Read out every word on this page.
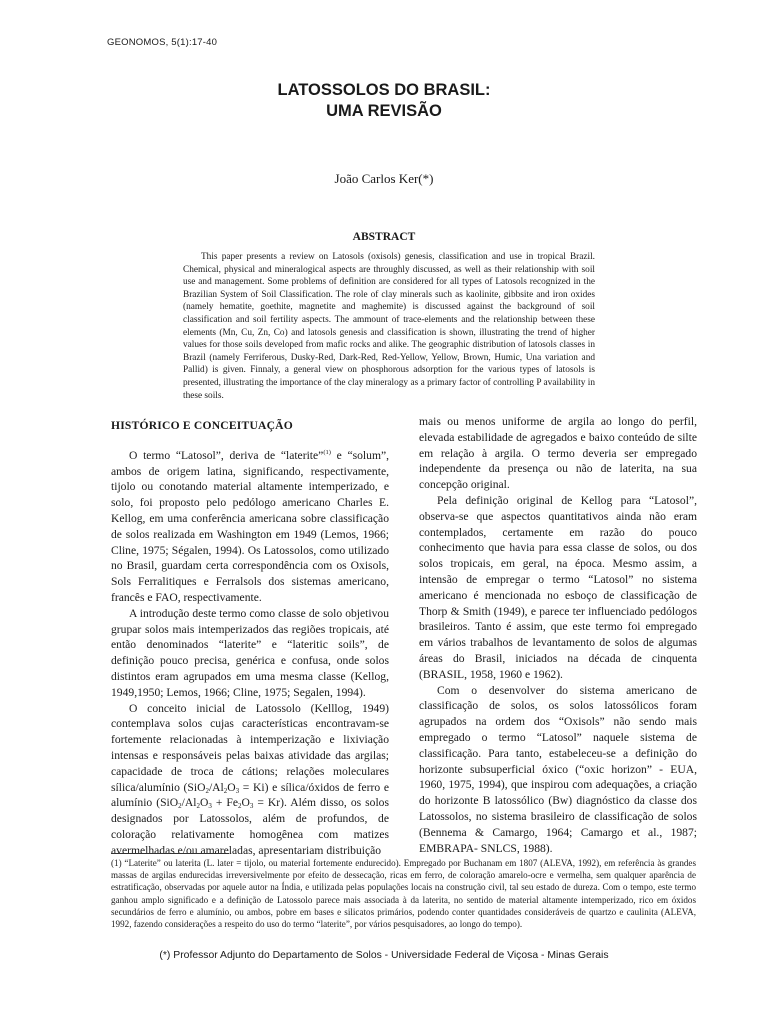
GEONOMOS, 5(1):17-40
LATOSSOLOS DO BRASIL:
UMA REVISÃO
João Carlos Ker(*)
ABSTRACT

This paper presents a review on Latosols (oxisols) genesis, classification and use in tropical Brazil. Chemical, physical and mineralogical aspects are throughly discussed, as well as their relationship with soil use and management. Some problems of definition are considered for all types of Latosols recognized in the Brazilian System of Soil Classification. The role of clay minerals such as kaolinite, gibbsite and iron oxides (namely hematite, goethite, magnetite and maghemite) is discussed against the background of soil classification and soil fertility aspects. The ammount of trace-elements and the relationship between these elements (Mn, Cu, Zn, Co) and latosols genesis and classification is shown, illustrating the trend of higher values for those soils developed from mafic rocks and alike. The geographic distribution of latosols classes in Brazil (namely Ferriferous, Dusky-Red, Dark-Red, Red-Yellow, Yellow, Brown, Humic, Una variation and Pallid) is given. Finnaly, a general view on phosphorous adsorption for the various types of latosols is presented, illustrating the importance of the clay mineralogy as a primary factor of controlling P availability in these soils.

HISTÓRICO E CONCEITUAÇÃO

O termo “Latosol”, deriva de “laterite”$^{(1)}$ e “solum”, ambos de origem latina, significando, respectivamente, tijolo ou conotando material altamente intemperizado, e solo, foi proposto pelo pedólogo americano Charles E. Kellog, em uma conferência americana sobre classificação de solos realizada em Washington em 1949 (Lemos, 1966; Cline, 1975; Ségalen, 1994). Os Latossolos, como utilizado no Brasil, guardam certa correspondência com os Oxisols, Sols Ferralitiques e Ferralsols dos sistemas americano, francês e FAO, respectivamente.

A introdução deste termo como classe de solo objetivou grupar solos mais intemperizados das regiões tropicais, até então denominados “laterite” e “lateritic soils”, de definição pouco precisa, genérica e confusa, onde solos distintos eram agrupados em uma mesma classe (Kellog, 1949,1950; Lemos, 1966; Cline, 1975; Segalen, 1994).

O conceito inicial de Latossolo (Kelllog, 1949) contemplava solos cujas características encontravam-se fortemente relacionadas à intemperização e lixiviação intensas e responsáveis pelas baixas atividade das argilas; capacidade de troca de cátions; relações moleculares sílica/alumínio $(SiO_2/Al_2O_3 = Ki)$ e sílica/óxidos de ferro e alumínio $(SiO_2/Al_2O_3 + Fe_2O_3 = Kr)$. Além disso, os solos designados por Latossolos, além de profundos, de coloração relativamente homogênea com matizes avermelhadas e/ou amareladas, apresentariam distribuição

mais ou menos uniforme de argila ao longo do perfil, elevada estabilidade de agregados e baixo conteúdo de silte em relação à argila. O termo deveria ser empregado independente da presença ou não de laterita, na sua concepção original.

Pela definição original de Kellog para “Latosol”, observa-se que aspectos quantitativos ainda não eram contemplados, certamente em razão do pouco conhecimento que havia para essa classe de solos, ou dos solos tropicais, em geral, na época. Mesmo assim, a intensão de empregar o termo “Latosol” no sistema americano é mencionada no esboço de classificação de Thorp & Smith (1949), e parece ter influenciado pedólogos brasileiros. Tanto é assim, que este termo foi empregado em vários trabalhos de levantamento de solos de algumas áreas do Brasil, iniciados na década de cinquenta (BRASIL, 1958, 1960 e 1962).

Com o desenvolver do sistema americano de classificação de solos, os solos latossólicos foram agrupados na ordem dos “Oxisols” não sendo mais empregado o termo “Latosol” naquele sistema de classificação. Para tanto, estabeleceu-se a definição do horizonte subsuperficial óxico (“oxic horizon” - EUA, 1960, 1975, 1994), que inspirou com adequações, a criação do horizonte B latossólico (Bw) diagnóstico da classe dos Latossolos, no sistema brasileiro de classificação de solos (Bennema & Camargo, 1964; Camargo et al., 1987; EMBRAPA- SNLCS, 1988).

(1) “Laterite” ou laterita (L. later = tijolo, ou material fortemente endurecido). Empregado por Buchanam em 1807 (ALEVA, 1992), em referência às grandes massas de argilas endurecidas irreversivelmente por efeito de dessecação, ricas em ferro, de coloração amarelo-ocre e vermelha, sem qualquer aparência de estratificação, observadas por aquele autor na Índia, e utilizada pelas populações locais na construção civil, tal seu estado de dureza. Com o tempo, este termo ganhou amplo significado e a definição de Latossolo parece mais associada à da laterita, no sentido de material altamente intemperizado, rico em óxidos secundários de ferro e alumínio, ou ambos, pobre em bases e silicatos primários, podendo conter quantidades consideráveis de quartzo e caulinita (ALEVA, 1992, fazendo considerações a respeito do uso do termo “laterite”, por vários pesquisadores, ao longo do tempo).

(*) Professor Adjunto do Departamento de Solos - Universidade Federal de Viçosa - Minas Gerais
